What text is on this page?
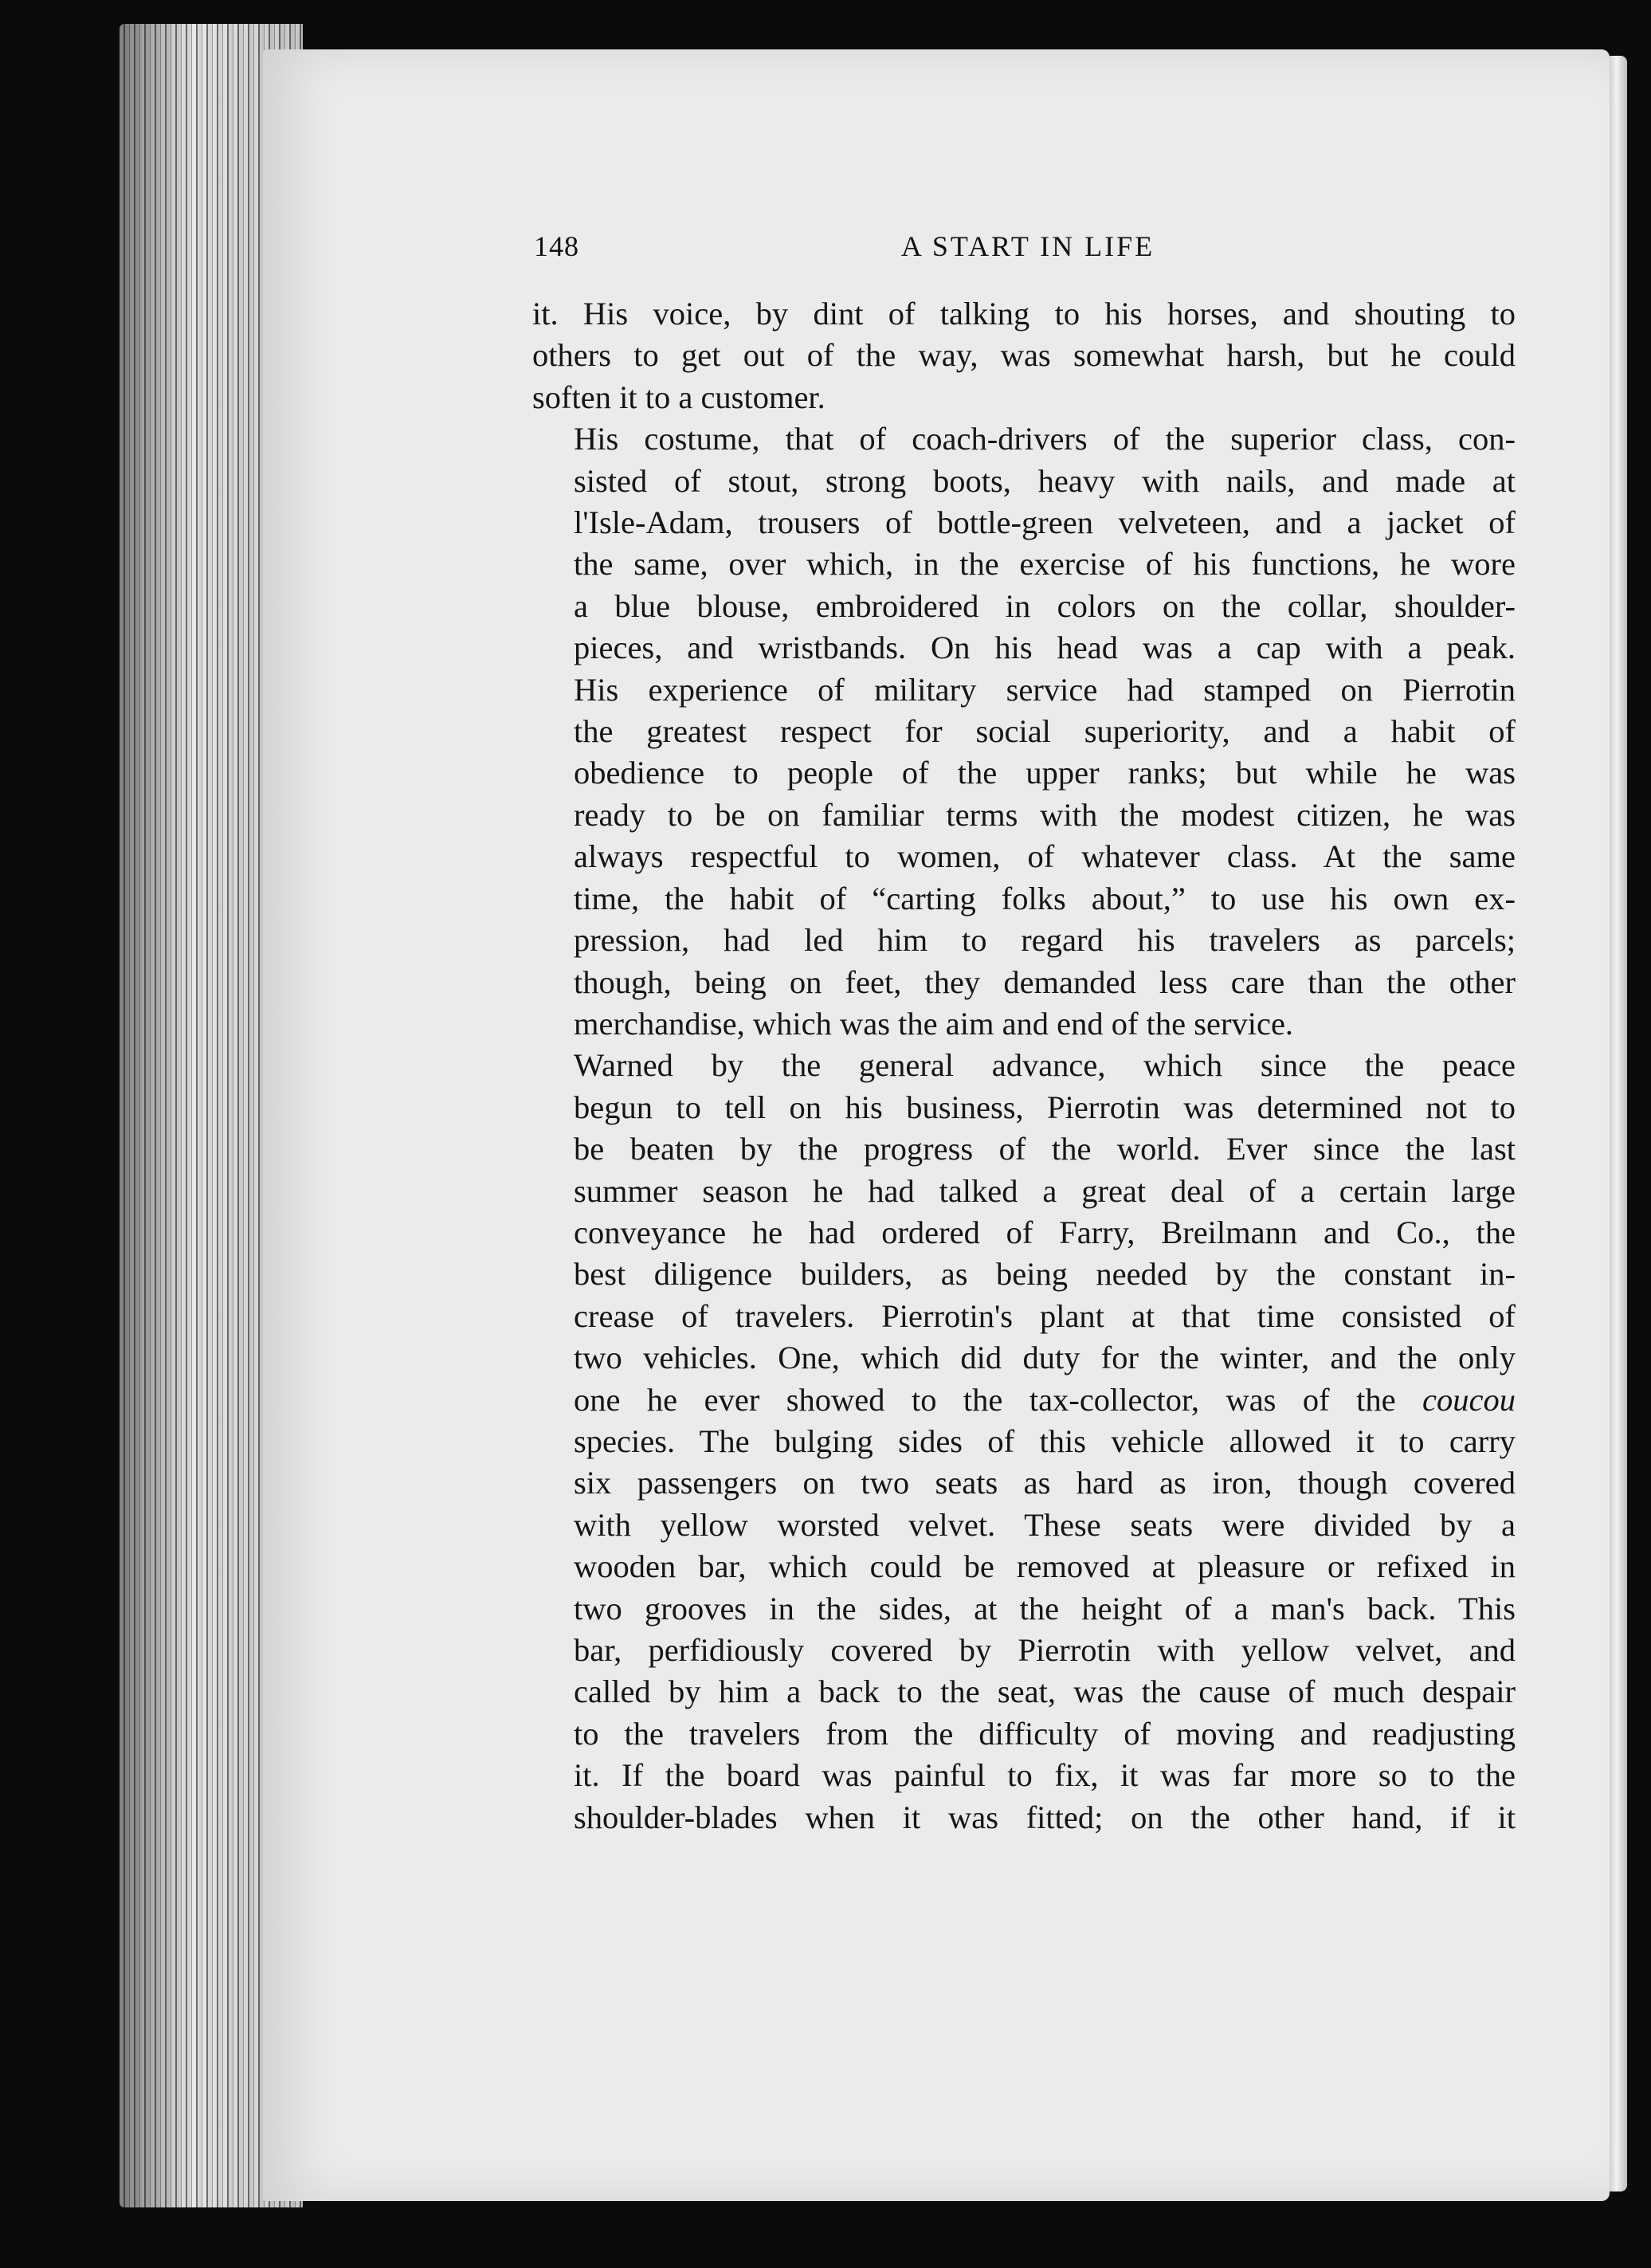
148	A START IN LIFE

it. His voice, by dint of talking to his horses, and shouting to
others to get out of the way, was somewhat harsh, but he could
soften it to a customer.

His costume, that of coach-drivers of the superior class, con-
sisted of stout, strong boots, heavy with nails, and made at
l'Isle-Adam, trousers of bottle-green velveteen, and a jacket of
the same, over which, in the exercise of his functions, he wore
a blue blouse, embroidered in colors on the collar, shoulder-
pieces, and wristbands. On his head was a cap with a peak.
His experience of military service had stamped on Pierrotin
the greatest respect for social superiority, and a habit of
obedience to people of the upper ranks; but while he was
ready to be on familiar terms with the modest citizen, he was
always respectful to women, of whatever class. At the same
time, the habit of “carting folks about,” to use his own ex-
pression, had led him to regard his travelers as parcels;
though, being on feet, they demanded less care than the other
merchandise, which was the aim and end of the service.

Warned by the general advance, which since the peace
begun to tell on his business, Pierrotin was determined not to
be beaten by the progress of the world. Ever since the last
summer season he had talked a great deal of a certain large
conveyance he had ordered of Farry, Breilmann and Co., the
best diligence builders, as being needed by the constant in-
crease of travelers. Pierrotin's plant at that time consisted of
two vehicles. One, which did duty for the winter, and the only
one he ever showed to the tax-collector, was of the coucou
species. The bulging sides of this vehicle allowed it to carry
six passengers on two seats as hard as iron, though covered
with yellow worsted velvet. These seats were divided by a
wooden bar, which could be removed at pleasure or refixed in
two grooves in the sides, at the height of a man's back. This
bar, perfidiously covered by Pierrotin with yellow velvet, and
called by him a back to the seat, was the cause of much despair
to the travelers from the difficulty of moving and readjusting
it. If the board was painful to fix, it was far more so to the
shoulder-blades when it was fitted; on the other hand, if it
